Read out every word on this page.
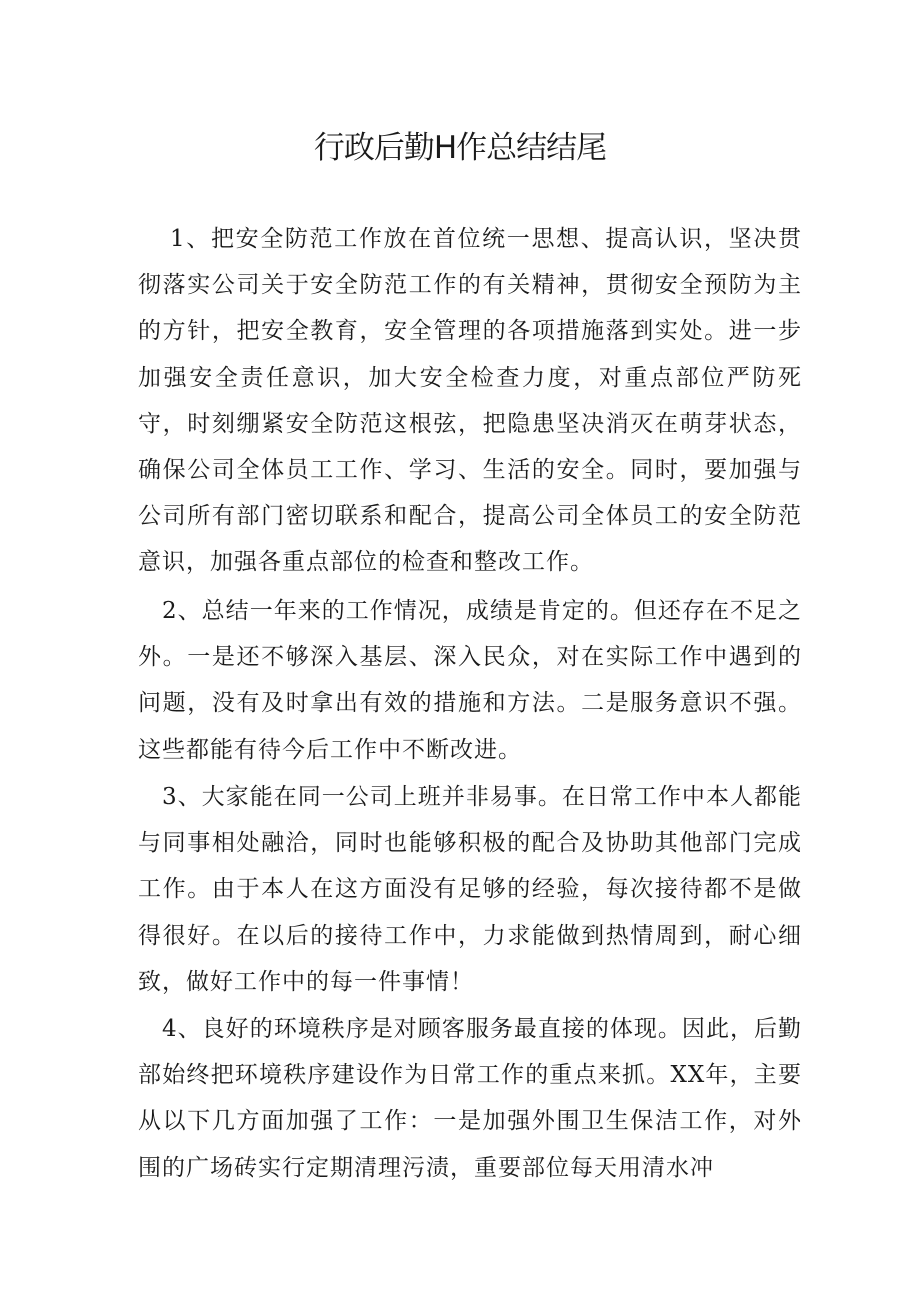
行政后勤H作总结结尾

1、把安全防范工作放在首位统一思想、提高认识，坚决贯彻落实公司关于安全防范工作的有关精神，贯彻安全预防为主的方针，把安全教育，安全管理的各项措施落到实处。进一步加强安全责任意识，加大安全检查力度，对重点部位严防死守，时刻绷紧安全防范这根弦，把隐患坚决消灭在萌芽状态，确保公司全体员工工作、学习、生活的安全。同时，要加强与公司所有部门密切联系和配合，提高公司全体员工的安全防范意识，加强各重点部位的检查和整改工作。

2、总结一年来的工作情况，成绩是肯定的。但还存在不足之外。一是还不够深入基层、深入民众，对在实际工作中遇到的问题，没有及时拿出有效的措施和方法。二是服务意识不强。这些都能有待今后工作中不断改进。

3、大家能在同一公司上班并非易事。在日常工作中本人都能与同事相处融洽，同时也能够积极的配合及协助其他部门完成工作。由于本人在这方面没有足够的经验，每次接待都不是做得很好。在以后的接待工作中，力求能做到热情周到，耐心细致，做好工作中的每一件事情！

4、良好的环境秩序是对顾客服务最直接的体现。因此，后勤部始终把环境秩序建设作为日常工作的重点来抓。XX年，主要从以下几方面加强了工作：一是加强外围卫生保洁工作，对外围的广场砖实行定期清理污渍，重要部位每天用清水冲
